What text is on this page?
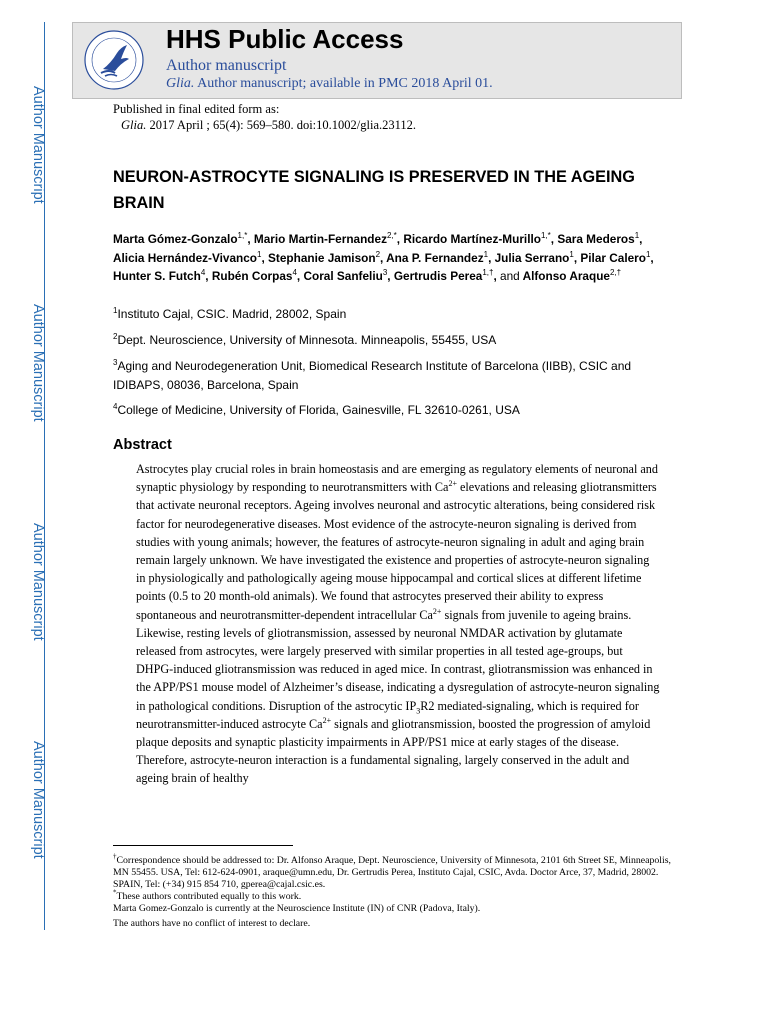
Author Manuscript
Author Manuscript
Author Manuscript
Author Manuscript
HHS Public Access
Author manuscript
Glia. Author manuscript; available in PMC 2018 April 01.
Published in final edited form as:
Glia. 2017 April ; 65(4): 569–580. doi:10.1002/glia.23112.
NEURON-ASTROCYTE SIGNALING IS PRESERVED IN THE AGEING BRAIN
Marta Gómez-Gonzalo$^{1,*}$, Mario Martin-Fernandez$^{2,*}$, Ricardo Martínez-Murillo$^{1,*}$, Sara Mederos$^1$, Alicia Hernández-Vivanco$^1$, Stephanie Jamison$^2$, Ana P. Fernandez$^1$, Julia Serrano$^1$, Pilar Calero$^1$, Hunter S. Futch$^4$, Rubén Corpas$^4$, Coral Sanfeliu$^3$, Gertrudis Perea$^{1,\dagger}$, and Alfonso Araque$^{2,\dagger}$
$^1$Instituto Cajal, CSIC. Madrid, 28002, Spain
$^2$Dept. Neuroscience, University of Minnesota. Minneapolis, 55455, USA
$^3$Aging and Neurodegeneration Unit, Biomedical Research Institute of Barcelona (IIBB), CSIC and IDIBAPS, 08036, Barcelona, Spain
$^4$College of Medicine, University of Florida, Gainesville, FL 32610-0261, USA
Abstract

Astrocytes play crucial roles in brain homeostasis and are emerging as regulatory elements of neuronal and synaptic physiology by responding to neurotransmitters with $Ca^{2+}$ elevations and releasing gliotransmitters that activate neuronal receptors. Ageing involves neuronal and astrocytic alterations, being considered risk factor for neurodegenerative diseases. Most evidence of the astrocyte-neuron signaling is derived from studies with young animals; however, the features of astrocyte-neuron signaling in adult and aging brain remain largely unknown. We have investigated the existence and properties of astrocyte-neuron signaling in physiologically and pathologically ageing mouse hippocampal and cortical slices at different lifetime points (0.5 to 20 month-old animals). We found that astrocytes preserved their ability to express spontaneous and neurotransmitter-dependent intracellular $Ca^{2+}$ signals from juvenile to ageing brains. Likewise, resting levels of gliotransmission, assessed by neuronal NMDAR activation by glutamate released from astrocytes, were largely preserved with similar properties in all tested age-groups, but DHPG-induced gliotransmission was reduced in aged mice. In contrast, gliotransmission was enhanced in the APP/PS1 mouse model of Alzheimer’s disease, indicating a dysregulation of astrocyte-neuron signaling in pathological conditions. Disruption of the astrocytic $IP_3R2$ mediated-signaling, which is required for neurotransmitter-induced astrocyte $Ca^{2+}$ signals and gliotransmission, boosted the progression of amyloid plaque deposits and synaptic plasticity impairments in APP/PS1 mice at early stages of the disease. Therefore, astrocyte-neuron interaction is a fundamental signaling, largely conserved in the adult and ageing brain of healthy

†Correspondence should be addressed to: Dr. Alfonso Araque, Dept. Neuroscience, University of Minnesota, 2101 6th Street SE, Minneapolis, MN 55455. USA, Tel: 612-624-0901, araque@umn.edu, Dr. Gertrudis Perea, Instituto Cajal, CSIC, Avda. Doctor Arce, 37, Madrid, 28002. SPAIN, Tel: (+34) 915 854 710, gperea@cajal.csic.es.

*These authors contributed equally to this work.

Marta Gomez-Gonzalo is currently at the Neuroscience Institute (IN) of CNR (Padova, Italy).

The authors have no conflict of interest to declare.
